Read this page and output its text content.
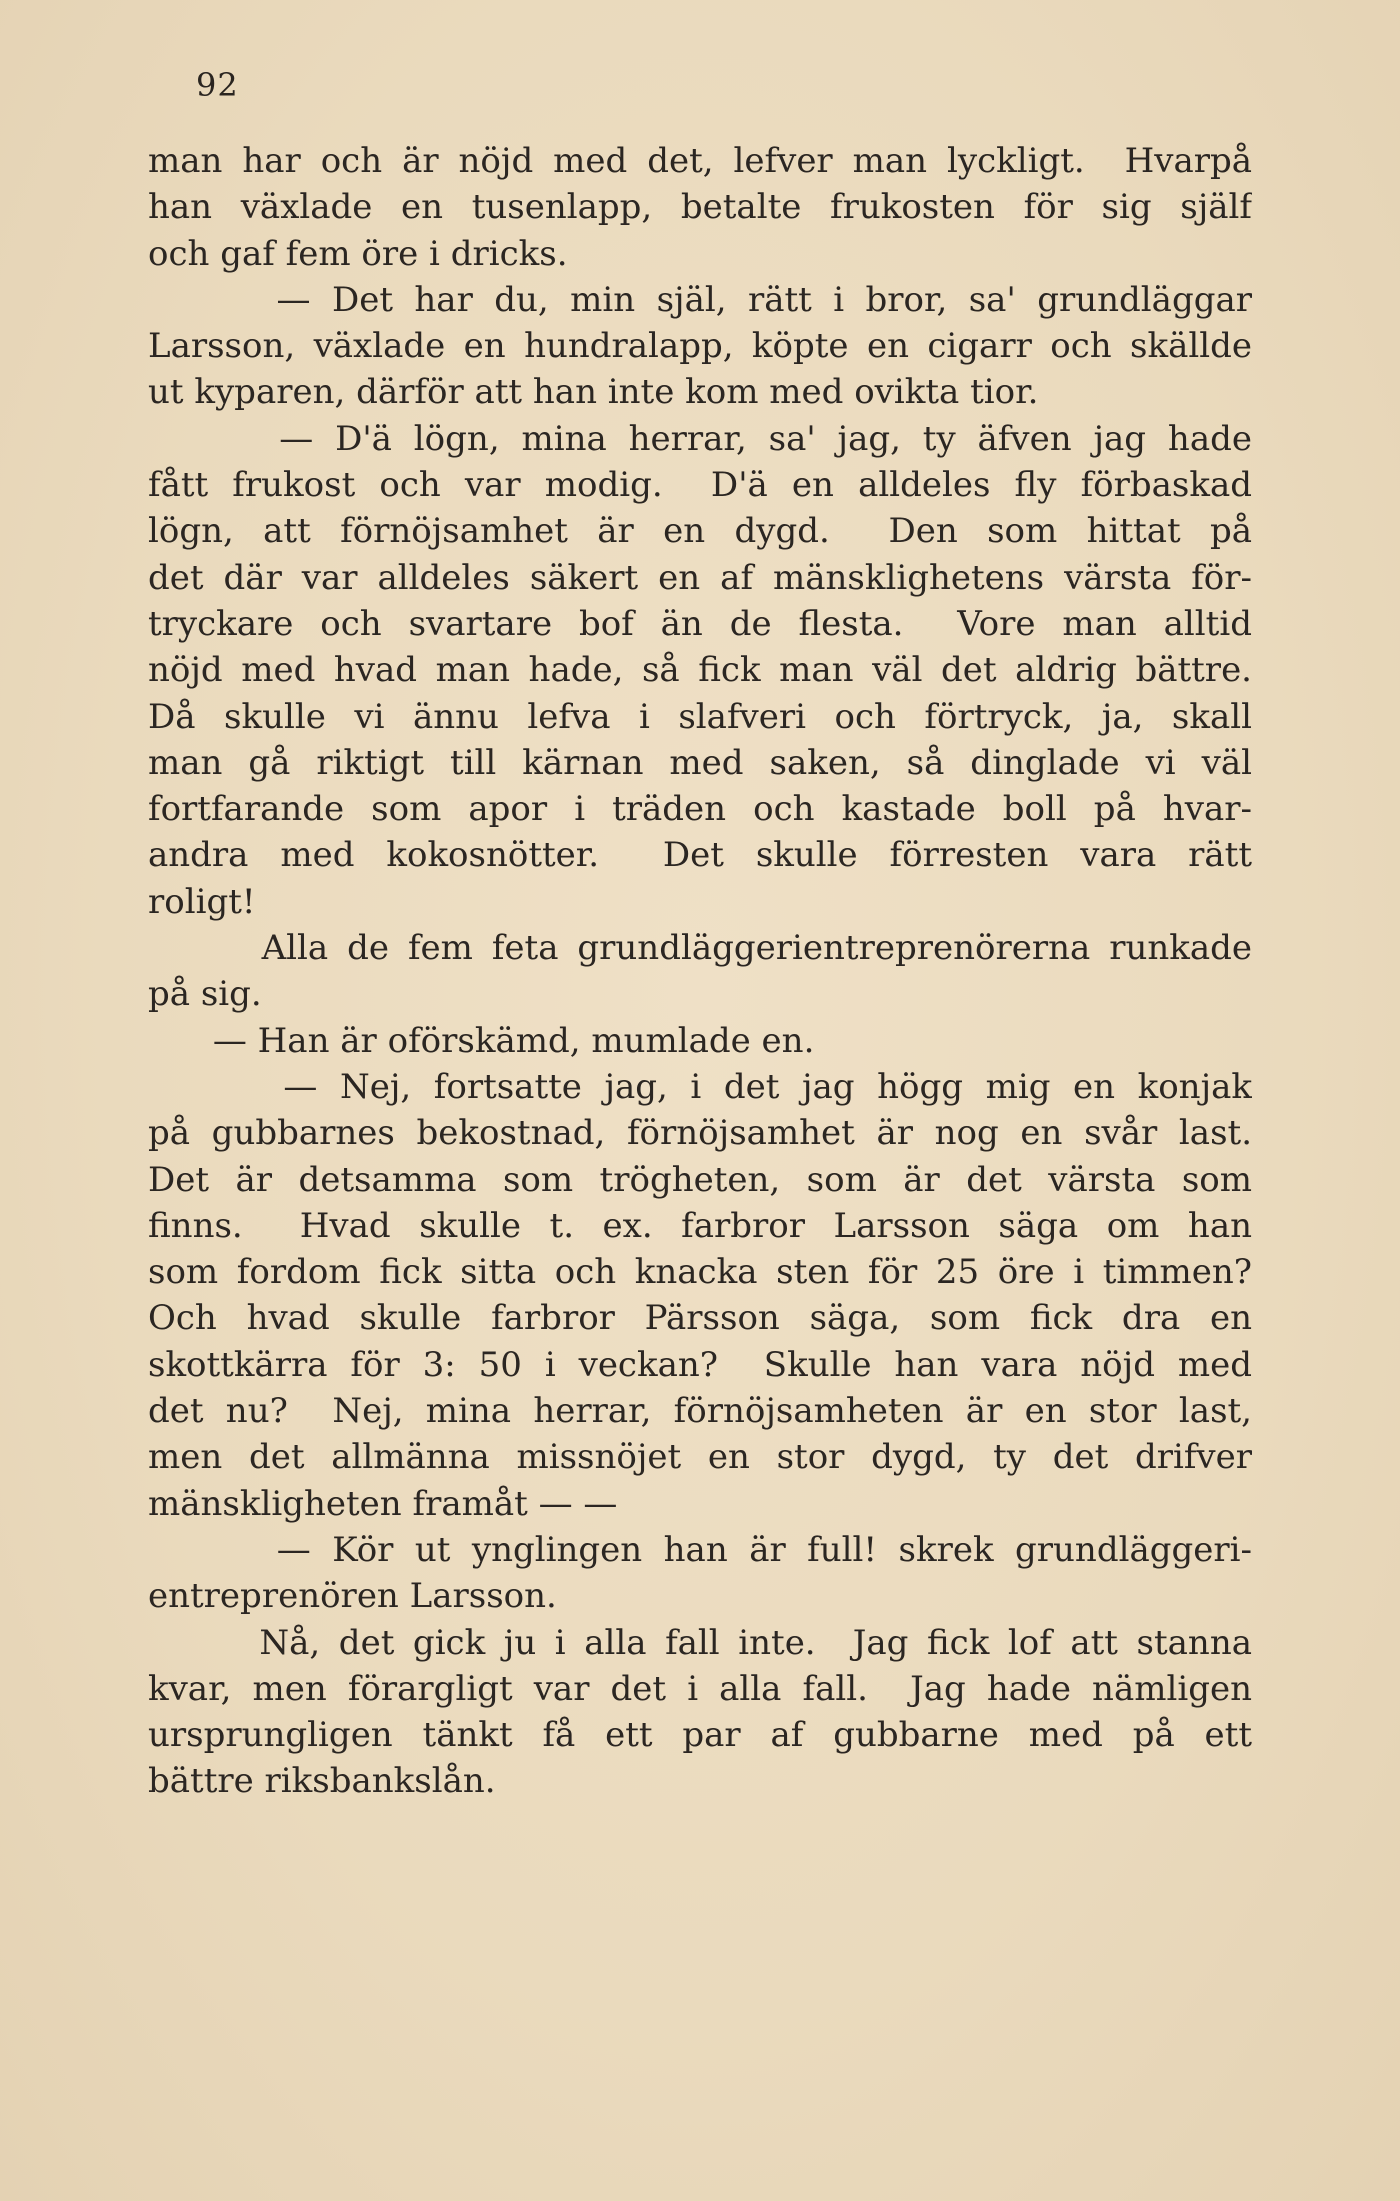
92
man har och är nöjd med det, lefver man lyckligt.  Hvarpå
han växlade en tusenlapp, betalte frukosten för sig själf
och gaf fem öre i dricks.
— Det har du, min själ, rätt i bror, sa' grundläggar
Larsson, växlade en hundralapp, köpte en cigarr och skällde
ut kyparen, därför att han inte kom med ovikta tior.
— D'ä lögn, mina herrar, sa' jag, ty äfven jag hade
fått frukost och var modig.  D'ä en alldeles fly förbaskad
lögn, att förnöjsamhet är en dygd.  Den som hittat på
det där var alldeles säkert en af mänsklighetens värsta för-
tryckare och svartare bof än de flesta.  Vore man alltid
nöjd med hvad man hade, så fick man väl det aldrig bättre.
Då skulle vi ännu lefva i slafveri och förtryck, ja, skall
man gå riktigt till kärnan med saken, så dinglade vi väl
fortfarande som apor i träden och kastade boll på hvar-
andra med kokosnötter.  Det skulle förresten vara rätt
roligt!
Alla de fem feta grundläggerientreprenörerna runkade
på sig.
— Han är oförskämd, mumlade en.
— Nej, fortsatte jag, i det jag högg mig en konjak
på gubbarnes bekostnad, förnöjsamhet är nog en svår last.
Det är detsamma som trögheten, som är det värsta som
finns.  Hvad skulle t. ex. farbror Larsson säga om han
som fordom fick sitta och knacka sten för 25 öre i timmen?
Och hvad skulle farbror Pärsson säga, som fick dra en
skottkärra för 3: 50 i veckan?  Skulle han vara nöjd med
det nu?  Nej, mina herrar, förnöjsamheten är en stor last,
men det allmänna missnöjet en stor dygd, ty det drifver
mänskligheten framåt — —
— Kör ut ynglingen han är full! skrek grundläggeri-
entreprenören Larsson.
Nå, det gick ju i alla fall inte.  Jag fick lof att stanna
kvar, men förargligt var det i alla fall.  Jag hade nämligen
ursprungligen tänkt få ett par af gubbarne med på ett
bättre riksbankslån.
